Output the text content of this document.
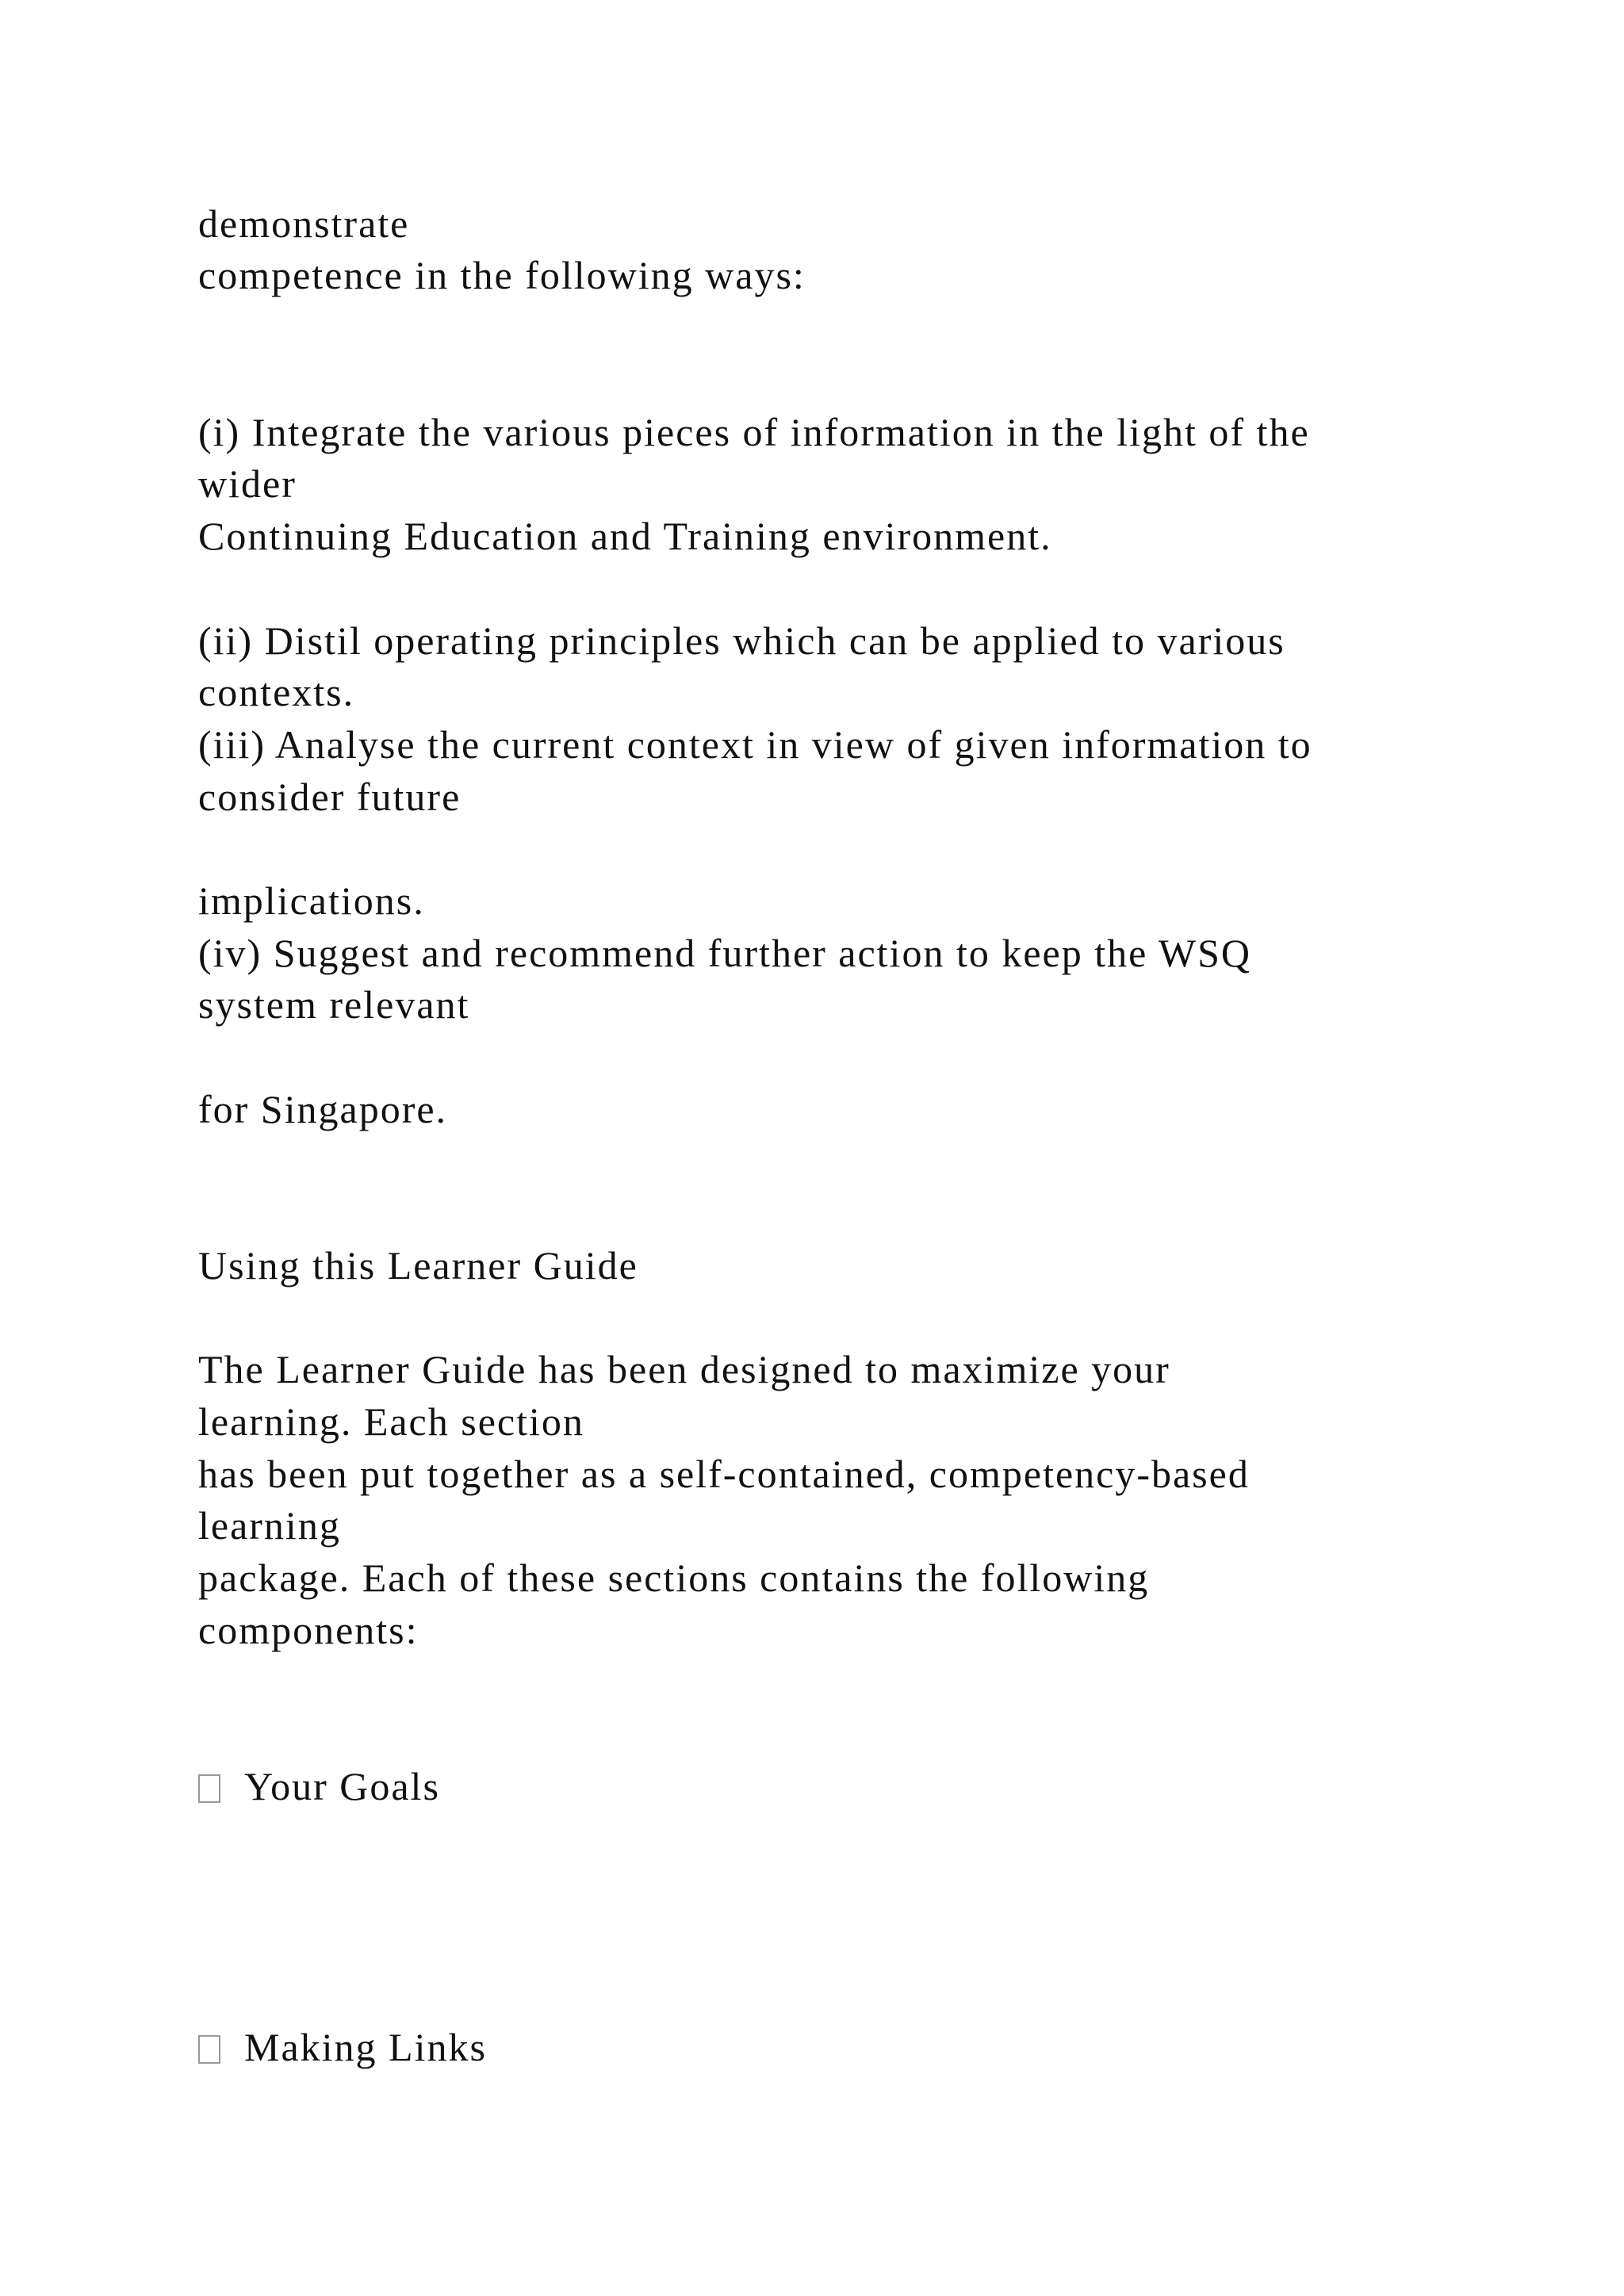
demonstrate

competence in the following ways:

(i) Integrate the various pieces of information in the light of the

wider

Continuing Education and Training environment.

(ii) Distil operating principles which can be applied to various

contexts.

(iii) Analyse the current context in view of given information to

consider future

implications.

(iv) Suggest and recommend further action to keep the WSQ

system relevant

for Singapore.

Using this Learner Guide

The Learner Guide has been designed to maximize your

learning. Each section

has been put together as a self-contained, competency-based

learning

package. Each of these sections contains the following

components:

Your Goals

Making Links
